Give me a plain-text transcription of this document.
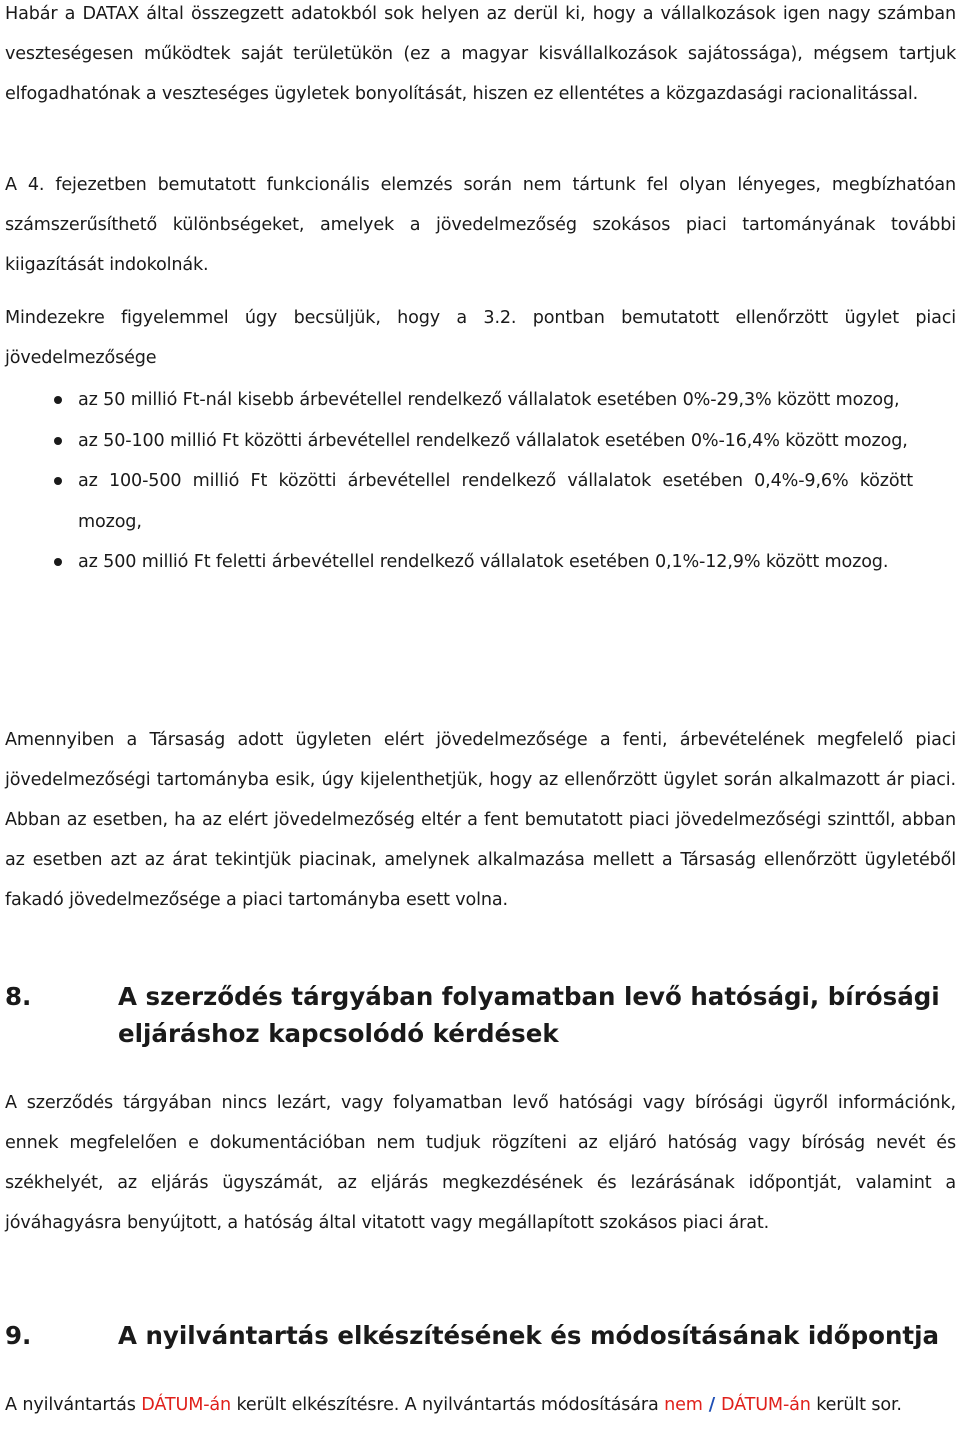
Habár a DATAX által összegzett adatokból sok helyen az derül ki, hogy a vállalkozások igen nagy számban veszteségesen működtek saját területükön (ez a magyar kisvállalkozások sajátossága), mégsem tartjuk elfogadhatónak a veszteséges ügyletek bonyolítását, hiszen ez ellentétes a közgazdasági racionalitással.

A 4. fejezetben bemutatott funkcionális elemzés során nem tártunk fel olyan lényeges, megbízhatóan számszerűsíthető különbségeket, amelyek a jövedelmezőség szokásos piaci tartományának további kiigazítását indokolnák.

Mindezekre figyelemmel úgy becsüljük, hogy a 3.2. pontban bemutatott ellenőrzött ügylet piaci jövedelmezősége

az 50 millió Ft-nál kisebb árbevétellel rendelkező vállalatok esetében 0%-29,3% között mozog,
az 50-100 millió Ft közötti árbevétellel rendelkező vállalatok esetében 0%-16,4% között mozog,
az 100-500 millió Ft közötti árbevétellel rendelkező vállalatok esetében 0,4%-9,6% között mozog,
az 500 millió Ft feletti árbevétellel rendelkező vállalatok esetében 0,1%-12,9% között mozog.

Amennyiben a Társaság adott ügyleten elért jövedelmezősége a fenti, árbevételének megfelelő piaci jövedelmezőségi tartományba esik, úgy kijelenthetjük, hogy az ellenőrzött ügylet során alkalmazott ár piaci. Abban az esetben, ha az elért jövedelmezőség eltér a fent bemutatott piaci jövedelmezőségi szinttől, abban az esetben azt az árat tekintjük piacinak, amelynek alkalmazása mellett a Társaság ellenőrzött ügyletéből fakadó jövedelmezősége a piaci tartományba esett volna.

8.	A szerződés tárgyában folyamatban levő hatósági, bírósági eljáráshoz kapcsolódó kérdések

A szerződés tárgyában nincs lezárt, vagy folyamatban levő hatósági vagy bírósági ügyről információnk, ennek megfelelően e dokumentációban nem tudjuk rögzíteni az eljáró hatóság vagy bíróság nevét és székhelyét, az eljárás ügyszámát, az eljárás megkezdésének és lezárásának időpontját, valamint a jóváhagyásra benyújtott, a hatóság által vitatott vagy megállapított szokásos piaci árat.

9.	A nyilvántartás elkészítésének és módosításának időpontja

A nyilvántartás DÁTUM-án került elkészítésre. A nyilvántartás módosítására nem / DÁTUM-án került sor.
